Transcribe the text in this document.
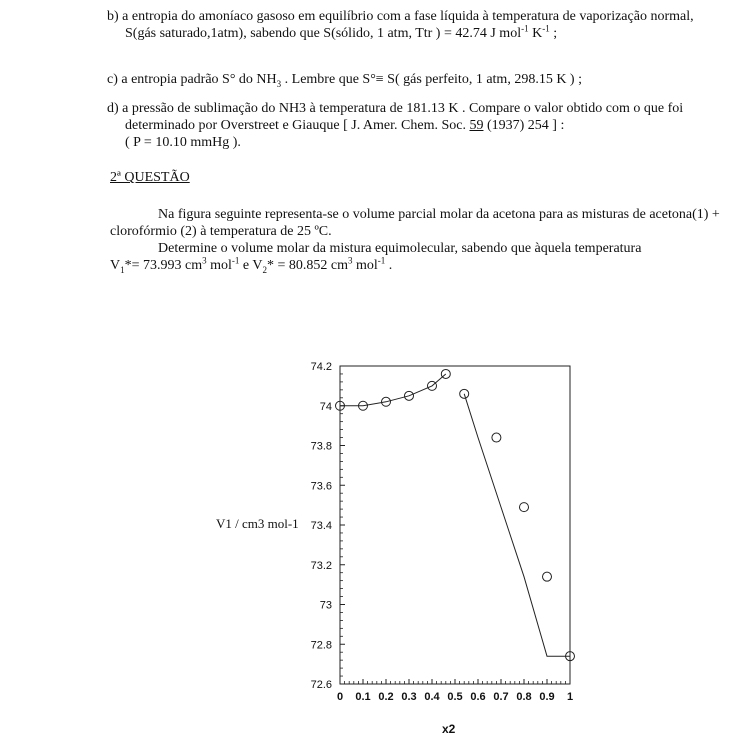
b) a entropia do amoníaco gasoso em equilíbrio com a fase líquida à temperatura de vaporização normal, S(gás saturado,1atm), sabendo que S(sólido, 1 atm, Ttr ) = 42.74 J mol$^{-1}$ $K^{-1}$ ;
c) a entropia padrão S° do $NH_3$ . Lembre que S°≡ S( gás perfeito, 1 atm, 298.15 K ) ;
d) a pressão de sublimação do NH3 à temperatura de 181.13 K . Compare o valor obtido com o que foi determinado por Overstreet e Giauque [ J. Amer. Chem. Soc. 59 (1937) 254 ] :
( P = 10.10 mmHg ).
2ª QUESTÃO
Na figura seguinte representa-se o volume parcial molar da acetona para as misturas de acetona(1) + clorofórmio (2) à temperatura de 25 ºC.
Determine o volume molar da mistura equimolecular, sabendo que àquela temperatura
$V_1*= 73.993$ $cm^3$ mol$^{-1}$ e $V_2* = 80.852$ $cm^3$ mol$^{-1}$ .
V1 / cm3 mol-1
72.6
72.8
73
73.2
73.4
73.6
73.8
74
74.2
0 0.1 0.2 0.3 0.4 0.5 0.6 0.7 0.8 0.9 1
x2
